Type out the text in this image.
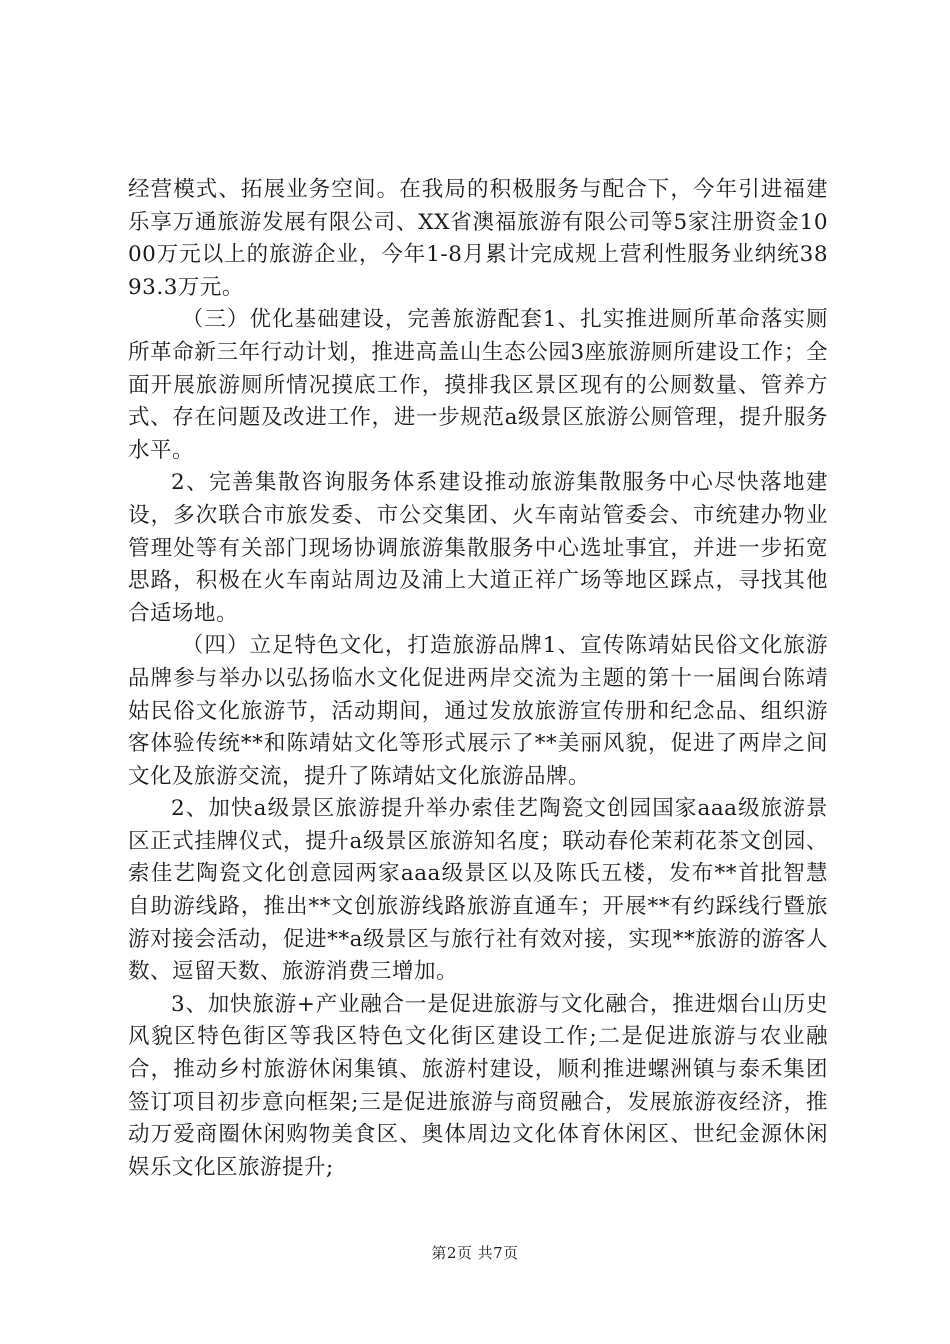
经营模式、拓展业务空间。在我局的积极服务与配合下，今年引进福建乐享万通旅游发展有限公司、XX省澳福旅游有限公司等5家注册资金1000万元以上的旅游企业，今年1-8月累计完成规上营利性服务业纳统3893.3万元。

（三）优化基础建设，完善旅游配套1、扎实推进厕所革命落实厕所革命新三年行动计划，推进高盖山生态公园3座旅游厕所建设工作；全面开展旅游厕所情况摸底工作，摸排我区景区现有的公厕数量、管养方式、存在问题及改进工作，进一步规范a级景区旅游公厕管理，提升服务水平。

2、完善集散咨询服务体系建设推动旅游集散服务中心尽快落地建设，多次联合市旅发委、市公交集团、火车南站管委会、市统建办物业管理处等有关部门现场协调旅游集散服务中心选址事宜，并进一步拓宽思路，积极在火车南站周边及浦上大道正祥广场等地区踩点，寻找其他合适场地。

（四）立足特色文化，打造旅游品牌1、宣传陈靖姑民俗文化旅游品牌参与举办以弘扬临水文化促进两岸交流为主题的第十一届闽台陈靖姑民俗文化旅游节，活动期间，通过发放旅游宣传册和纪念品、组织游客体验传统**和陈靖姑文化等形式展示了**美丽风貌，促进了两岸之间文化及旅游交流，提升了陈靖姑文化旅游品牌。

2、加快a级景区旅游提升举办索佳艺陶瓷文创园国家aaa级旅游景区正式挂牌仪式，提升a级景区旅游知名度；联动春伦茉莉花茶文创园、索佳艺陶瓷文化创意园两家aaa级景区以及陈氏五楼，发布**首批智慧自助游线路，推出**文创旅游线路旅游直通车；开展**有约踩线行暨旅游对接会活动，促进**a级景区与旅行社有效对接，实现**旅游的游客人数、逗留天数、旅游消费三增加。

3、加快旅游+产业融合一是促进旅游与文化融合，推进烟台山历史风貌区特色街区等我区特色文化街区建设工作;二是促进旅游与农业融合，推动乡村旅游休闲集镇、旅游村建设，顺利推进螺洲镇与泰禾集团签订项目初步意向框架;三是促进旅游与商贸融合，发展旅游夜经济，推动万爱商圈休闲购物美食区、奥体周边文化体育休闲区、世纪金源休闲娱乐文化区旅游提升;

第2页 共7页
